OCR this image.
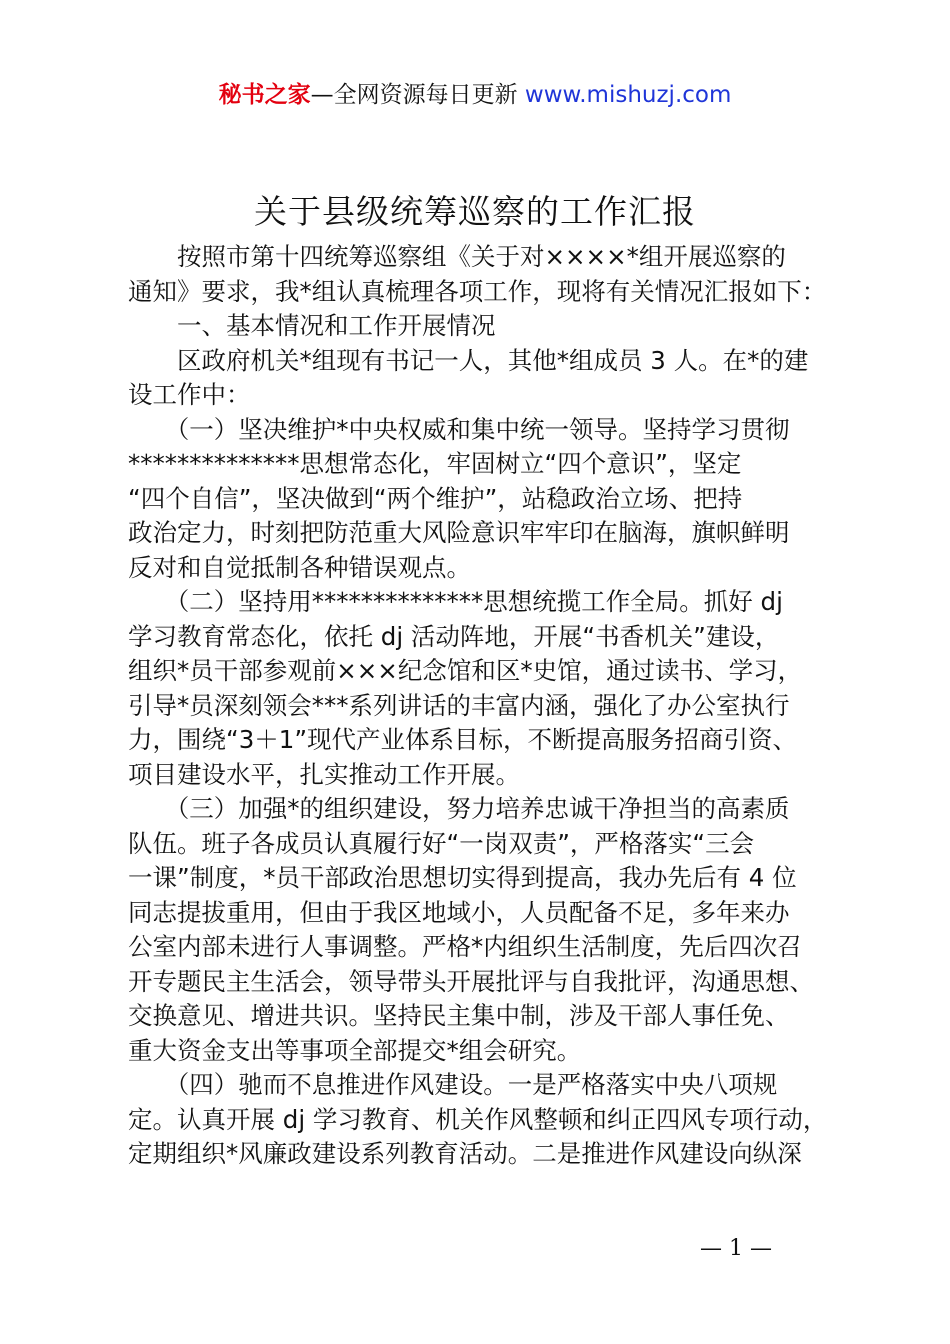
秘书之家—全网资源每日更新 www.mishuzj.com
关于县级统筹巡察的工作汇报
　　按照市第十四统筹巡察组《关于对××××*组开展巡察的
通知》要求，我*组认真梳理各项工作，现将有关情况汇报如下：
　　一、基本情况和工作开展情况
　　区政府机关*组现有书记一人，其他*组成员 3 人。在*的建
设工作中：
　　（一）坚决维护*中央权威和集中统一领导。坚持学习贯彻
**************思想常态化，牢固树立“四个意识”，坚定
“四个自信”，坚决做到“两个维护”，站稳政治立场、把持
政治定力，时刻把防范重大风险意识牢牢印在脑海，旗帜鲜明
反对和自觉抵制各种错误观点。
　　（二）坚持用**************思想统揽工作全局。抓好 dj
学习教育常态化，依托 dj 活动阵地，开展“书香机关”建设，
组织*员干部参观前×××纪念馆和区*史馆，通过读书、学习，
引导*员深刻领会***系列讲话的丰富内涵，强化了办公室执行
力，围绕“3＋1”现代产业体系目标，不断提高服务招商引资、
项目建设水平，扎实推动工作开展。
　　（三）加强*的组织建设，努力培养忠诚干净担当的高素质
队伍。班子各成员认真履行好“一岗双责”，严格落实“三会
一课”制度，*员干部政治思想切实得到提高，我办先后有 4 位
同志提拔重用，但由于我区地域小，人员配备不足，多年来办
公室内部未进行人事调整。严格*内组织生活制度，先后四次召
开专题民主生活会，领导带头开展批评与自我批评，沟通思想、
交换意见、增进共识。坚持民主集中制，涉及干部人事任免、
重大资金支出等事项全部提交*组会研究。
　　（四）驰而不息推进作风建设。一是严格落实中央八项规
定。认真开展 dj 学习教育、机关作风整顿和纠正四风专项行动，
定期组织*风廉政建设系列教育活动。二是推进作风建设向纵深
— 1 —
